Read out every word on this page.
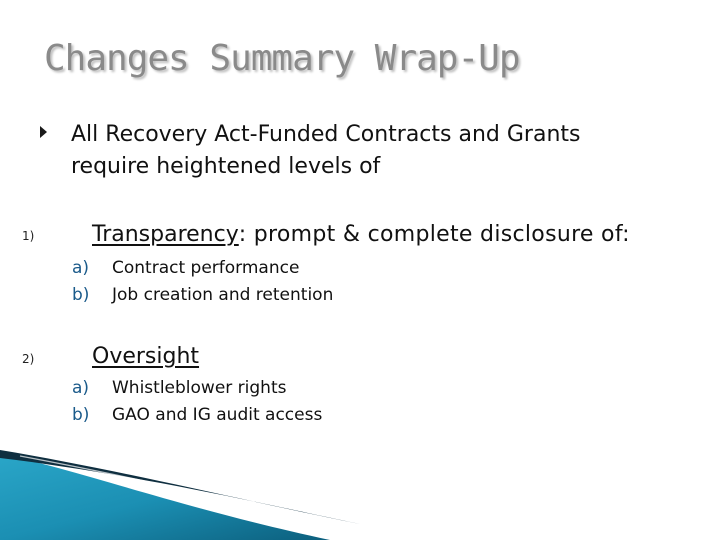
Changes Summary Wrap-Up
All Recovery Act-Funded Contracts and Grants require heightened levels of
1)	Transparency: prompt & complete disclosure of:
a) Contract performance
b) Job creation and retention
2)	Oversight
a) Whistleblower rights
b) GAO and IG audit access
